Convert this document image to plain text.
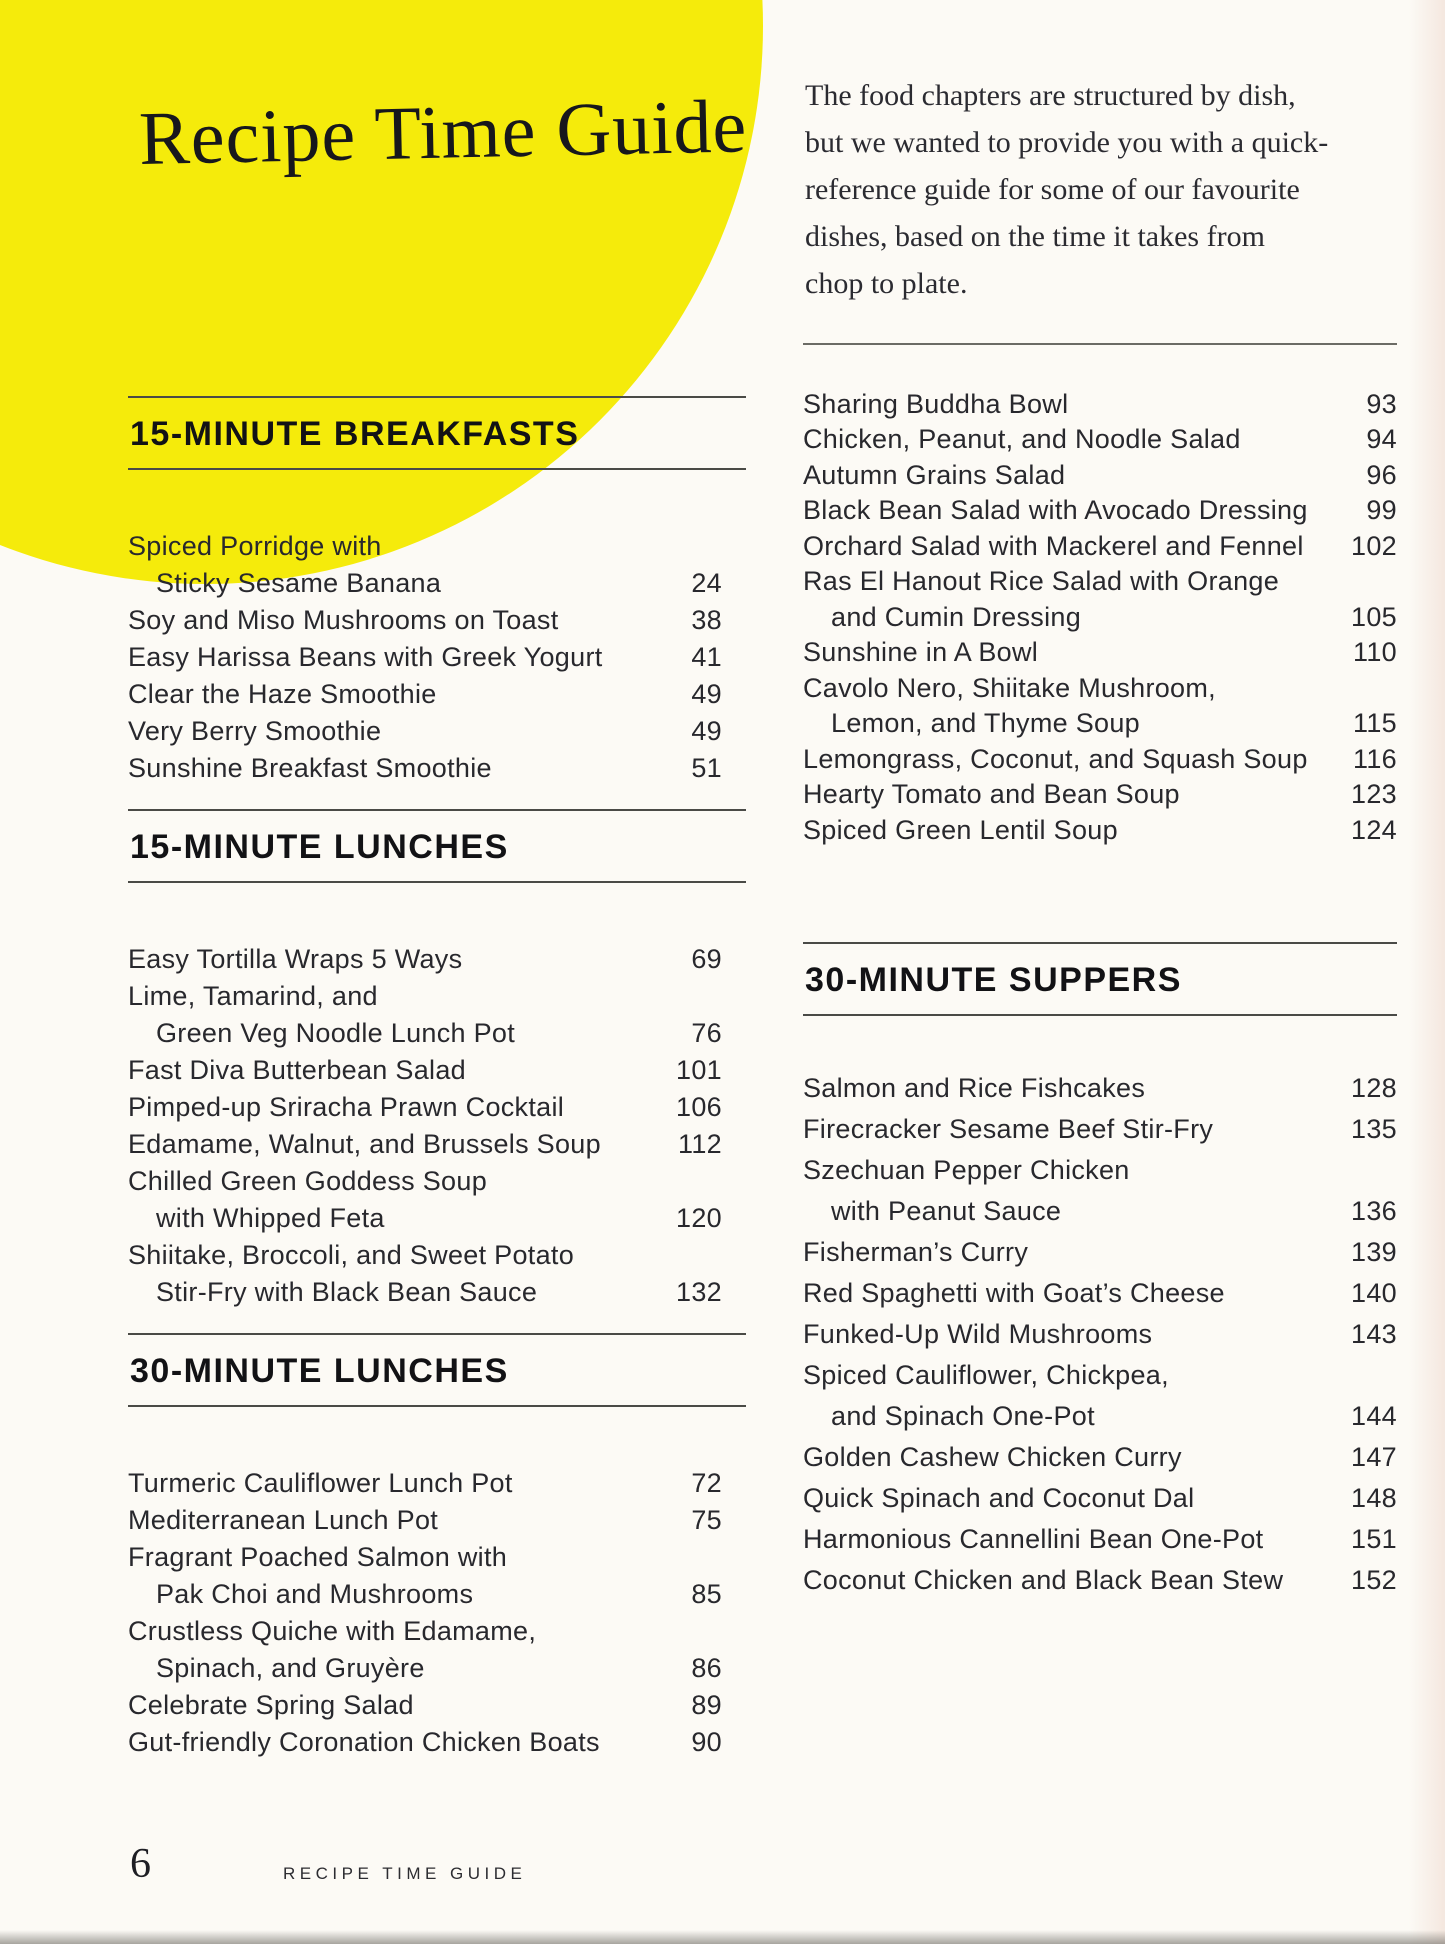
Recipe Time Guide The food chapters are structured by dish,
but we wanted to provide you with a quick-
reference guide for some of our favourite
dishes, based on the time it takes from
chop to plate.
15-MINUTE BREAKFASTS
Spiced Porridge with
Sticky Sesame Banana	24
Soy and Miso Mushrooms on Toast	38
Easy Harissa Beans with Greek Yogurt	41
Clear the Haze Smoothie	49
Very Berry Smoothie	49
Sunshine Breakfast Smoothie	51
15-MINUTE LUNCHES
Easy Tortilla Wraps 5 Ways	69
Lime, Tamarind, and
Green Veg Noodle Lunch Pot	76
Fast Diva Butterbean Salad	101
Pimped-up Sriracha Prawn Cocktail	106
Edamame, Walnut, and Brussels Soup	112
Chilled Green Goddess Soup
with Whipped Feta	120
Shiitake, Broccoli, and Sweet Potato
Stir-Fry with Black Bean Sauce	132
30-MINUTE LUNCHES
Turmeric Cauliflower Lunch Pot	72
Mediterranean Lunch Pot	75
Fragrant Poached Salmon with
Pak Choi and Mushrooms	85
Crustless Quiche with Edamame,
Spinach, and Gruyère	86
Celebrate Spring Salad	89
Gut-friendly Coronation Chicken Boats	90
Sharing Buddha Bowl	93
Chicken, Peanut, and Noodle Salad	94
Autumn Grains Salad	96
Black Bean Salad with Avocado Dressing	99
Orchard Salad with Mackerel and Fennel	102
Ras El Hanout Rice Salad with Orange
and Cumin Dressing	105
Sunshine in A Bowl	110
Cavolo Nero, Shiitake Mushroom,
Lemon, and Thyme Soup	115
Lemongrass, Coconut, and Squash Soup	116
Hearty Tomato and Bean Soup	123
Spiced Green Lentil Soup	124
30-MINUTE SUPPERS
Salmon and Rice Fishcakes	128
Firecracker Sesame Beef Stir-Fry	135
Szechuan Pepper Chicken
with Peanut Sauce	136
Fisherman’s Curry	139
Red Spaghetti with Goat’s Cheese	140
Funked-Up Wild Mushrooms	143
Spiced Cauliflower, Chickpea,
and Spinach One-Pot	144
Golden Cashew Chicken Curry	147
Quick Spinach and Coconut Dal	148
Harmonious Cannellini Bean One-Pot	151
Coconut Chicken and Black Bean Stew	152
6	RECIPE TIME GUIDE
